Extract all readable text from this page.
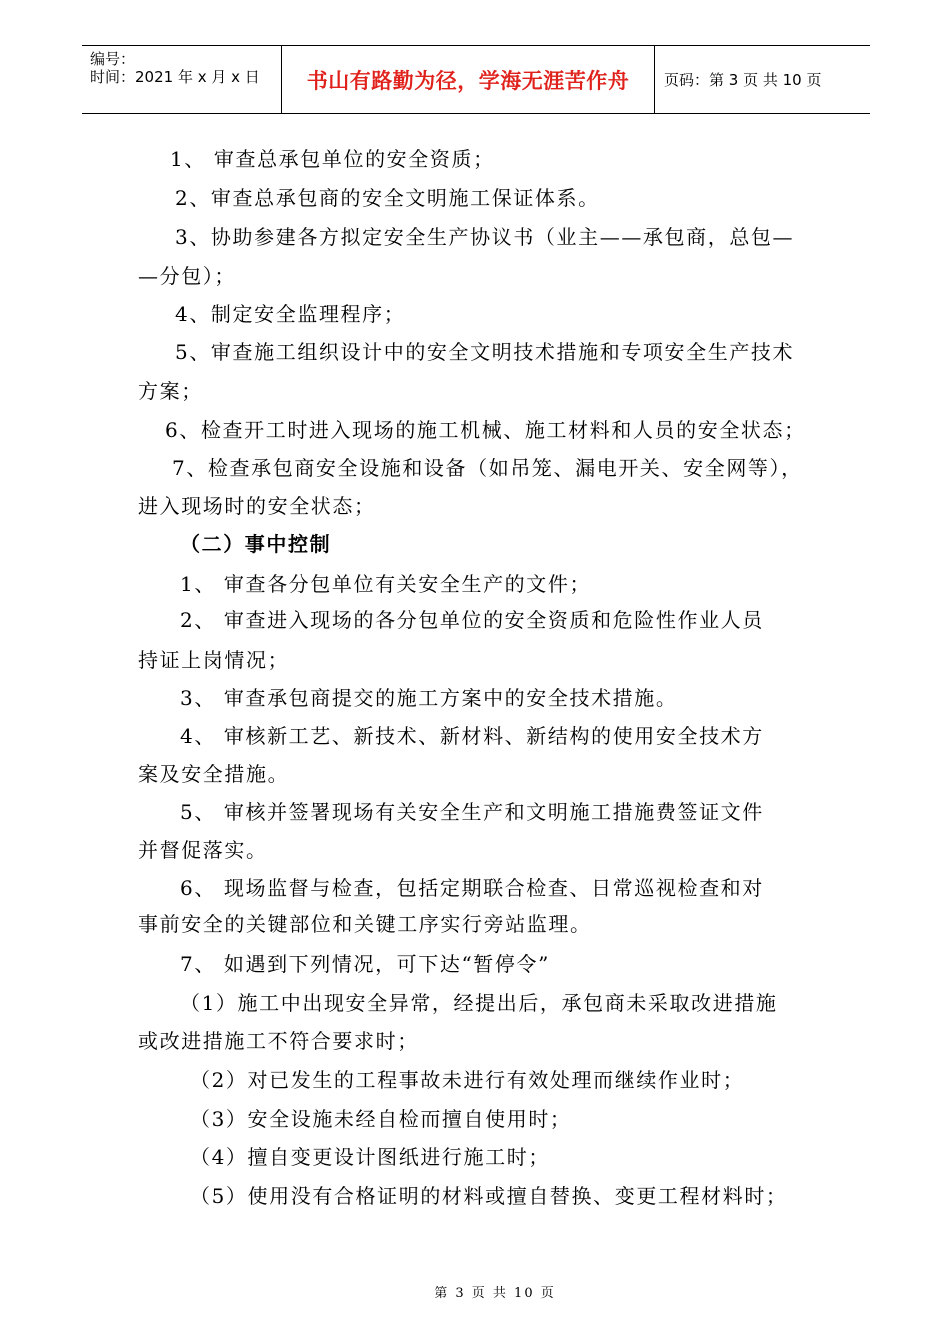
编号：
时间：2021 年 x 月 x 日	书山有路勤为径，学海无涯苦作舟	页码：第 3 页 共 10 页
1、 审查总承包单位的安全资质；
2、审查总承包商的安全文明施工保证体系。
3、协助参建各方拟定安全生产协议书（业主——承包商，总包—
—分包）；
4、制定安全监理程序；
5、审查施工组织设计中的安全文明技术措施和专项安全生产技术
方案；
6、检查开工时进入现场的施工机械、施工材料和人员的安全状态；
7、检查承包商安全设施和设备（如吊笼、漏电开关、安全网等），
进入现场时的安全状态；
（二）事中控制
1、 审查各分包单位有关安全生产的文件；
2、 审查进入现场的各分包单位的安全资质和危险性作业人员
持证上岗情况；
3、 审查承包商提交的施工方案中的安全技术措施。
4、 审核新工艺、新技术、新材料、新结构的使用安全技术方
案及安全措施。
5、 审核并签署现场有关安全生产和文明施工措施费签证文件
并督促落实。
6、 现场监督与检查，包括定期联合检查、日常巡视检查和对
事前安全的关键部位和关键工序实行旁站监理。
7、 如遇到下列情况，可下达“暂停令”
（1）施工中出现安全异常，经提出后，承包商未采取改进措施
或改进措施工不符合要求时；
（2）对已发生的工程事故未进行有效处理而继续作业时；
（3）安全设施未经自检而擅自使用时；
（4）擅自变更设计图纸进行施工时；
（5）使用没有合格证明的材料或擅自替换、变更工程材料时；
第 3 页 共 10 页
